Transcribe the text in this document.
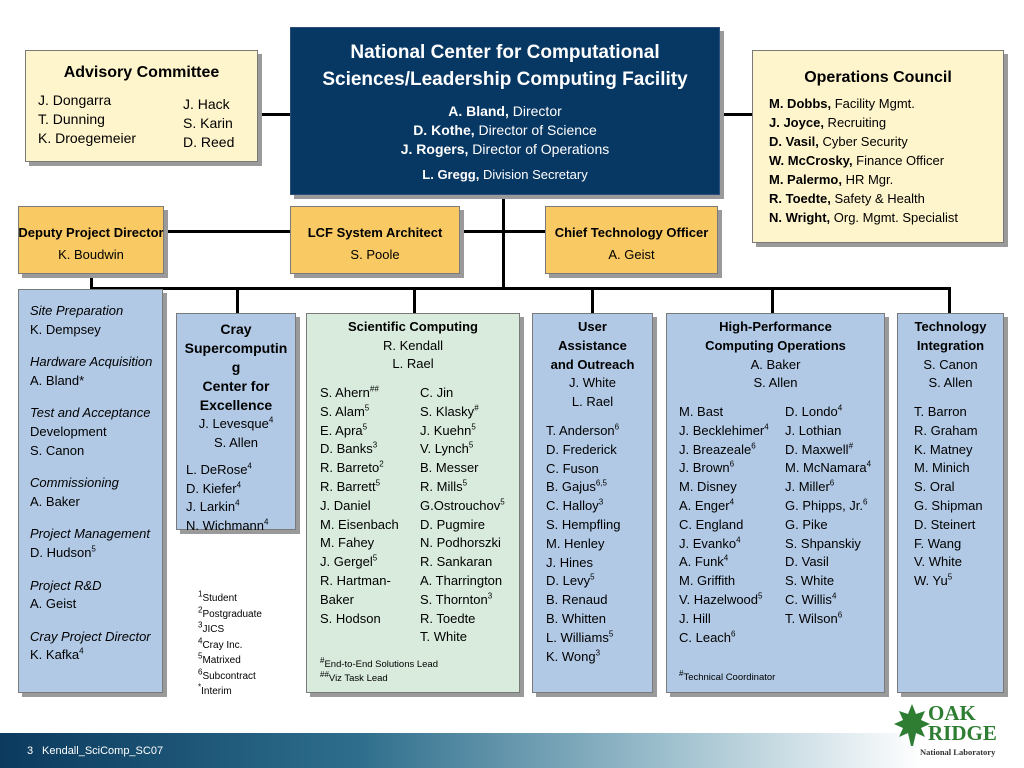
National Center for Computational
Sciences/Leadership Computing Facility
A. Bland, Director
D. Kothe, Director of Science
J. Rogers, Director of Operations
L. Gregg, Division Secretary
Advisory Committee
J. Dongarra
T. Dunning
K. Droegemeier
J. Hack
S. Karin
D. Reed
Operations Council
M. Dobbs, Facility Mgmt.
J. Joyce, Recruiting
D. Vasil, Cyber Security
W. McCrosky, Finance Officer
M. Palermo, HR Mgr.
R. Toedte, Safety & Health
N. Wright, Org. Mgmt. Specialist
Deputy Project Director
K. Boudwin
LCF System Architect
S. Poole
Chief Technology Officer
A. Geist
Site Preparation
K. Dempsey
Hardware Acquisition
A. Bland*
Test and Acceptance
Development
S. Canon
Commissioning
A. Baker
Project Management
D. Hudson$^5$
Project R&D
A. Geist
Cray Project Director
K. Kafka$^4$
Cray
Supercomputin
g
Center for
Excellence
J. Levesque$^4$
S. Allen
L. DeRose$^4$
D. Kiefer$^4$
J. Larkin$^4$
N. Wichmann$^4$
Scientific Computing
R. Kendall
L. Rael
S. Ahern##
S. Alam$^5$
E. Apra$^5$
D. Banks$^3$
R. Barreto$^2$
R. Barrett$^5$
J. Daniel
M. Eisenbach
M. Fahey
J. Gergel$^5$
R. Hartman-
Baker
S. Hodson
C. Jin
S. Klasky#
J. Kuehn$^5$
V. Lynch$^5$
B. Messer
R. Mills$^5$
G.Ostrouchov$^5$
D. Pugmire
N. Podhorszki
R. Sankaran
A. Tharrington
S. Thornton$^3$
R. Toedte
T. White
#End-to-End Solutions Lead
##Viz Task Lead
User
Assistance
and Outreach
J. White
L. Rael
T. Anderson$^6$
D. Frederick
C. Fuson
B. Gajus$^{6,5}$
C. Halloy$^3$
S. Hempfling
M. Henley
J. Hines
D. Levy$^5$
B. Renaud
B. Whitten
L. Williams$^5$
K. Wong$^3$
High-Performance
Computing Operations
A. Baker
S. Allen
M. Bast
J. Becklehimer$^4$
J. Breazeale$^6$
J. Brown$^6$
M. Disney
A. Enger$^4$
C. England
J. Evanko$^4$
A. Funk$^4$
M. Griffith
V. Hazelwood$^5$
J. Hill
C. Leach$^6$
D. Londo$^4$
J. Lothian
D. Maxwell#
M. McNamara$^4$
J. Miller$^6$
G. Phipps, Jr.$^6$
G. Pike
S. Shpanskiy
D. Vasil
S. White
C. Willis$^4$
T. Wilson$^6$
#Technical Coordinator
Technology
Integration
S. Canon
S. Allen
T. Barron
R. Graham
K. Matney
M. Minich
S. Oral
G. Shipman
D. Steinert
F. Wang
V. White
W. Yu$^5$
$^1$Student
$^2$Postgraduate
$^3$JICS
$^4$Cray Inc.
$^5$Matrixed
$^6$Subcontract
*Interim
3 Kendall_SciComp_SC07
OAK
RIDGE
National Laboratory
